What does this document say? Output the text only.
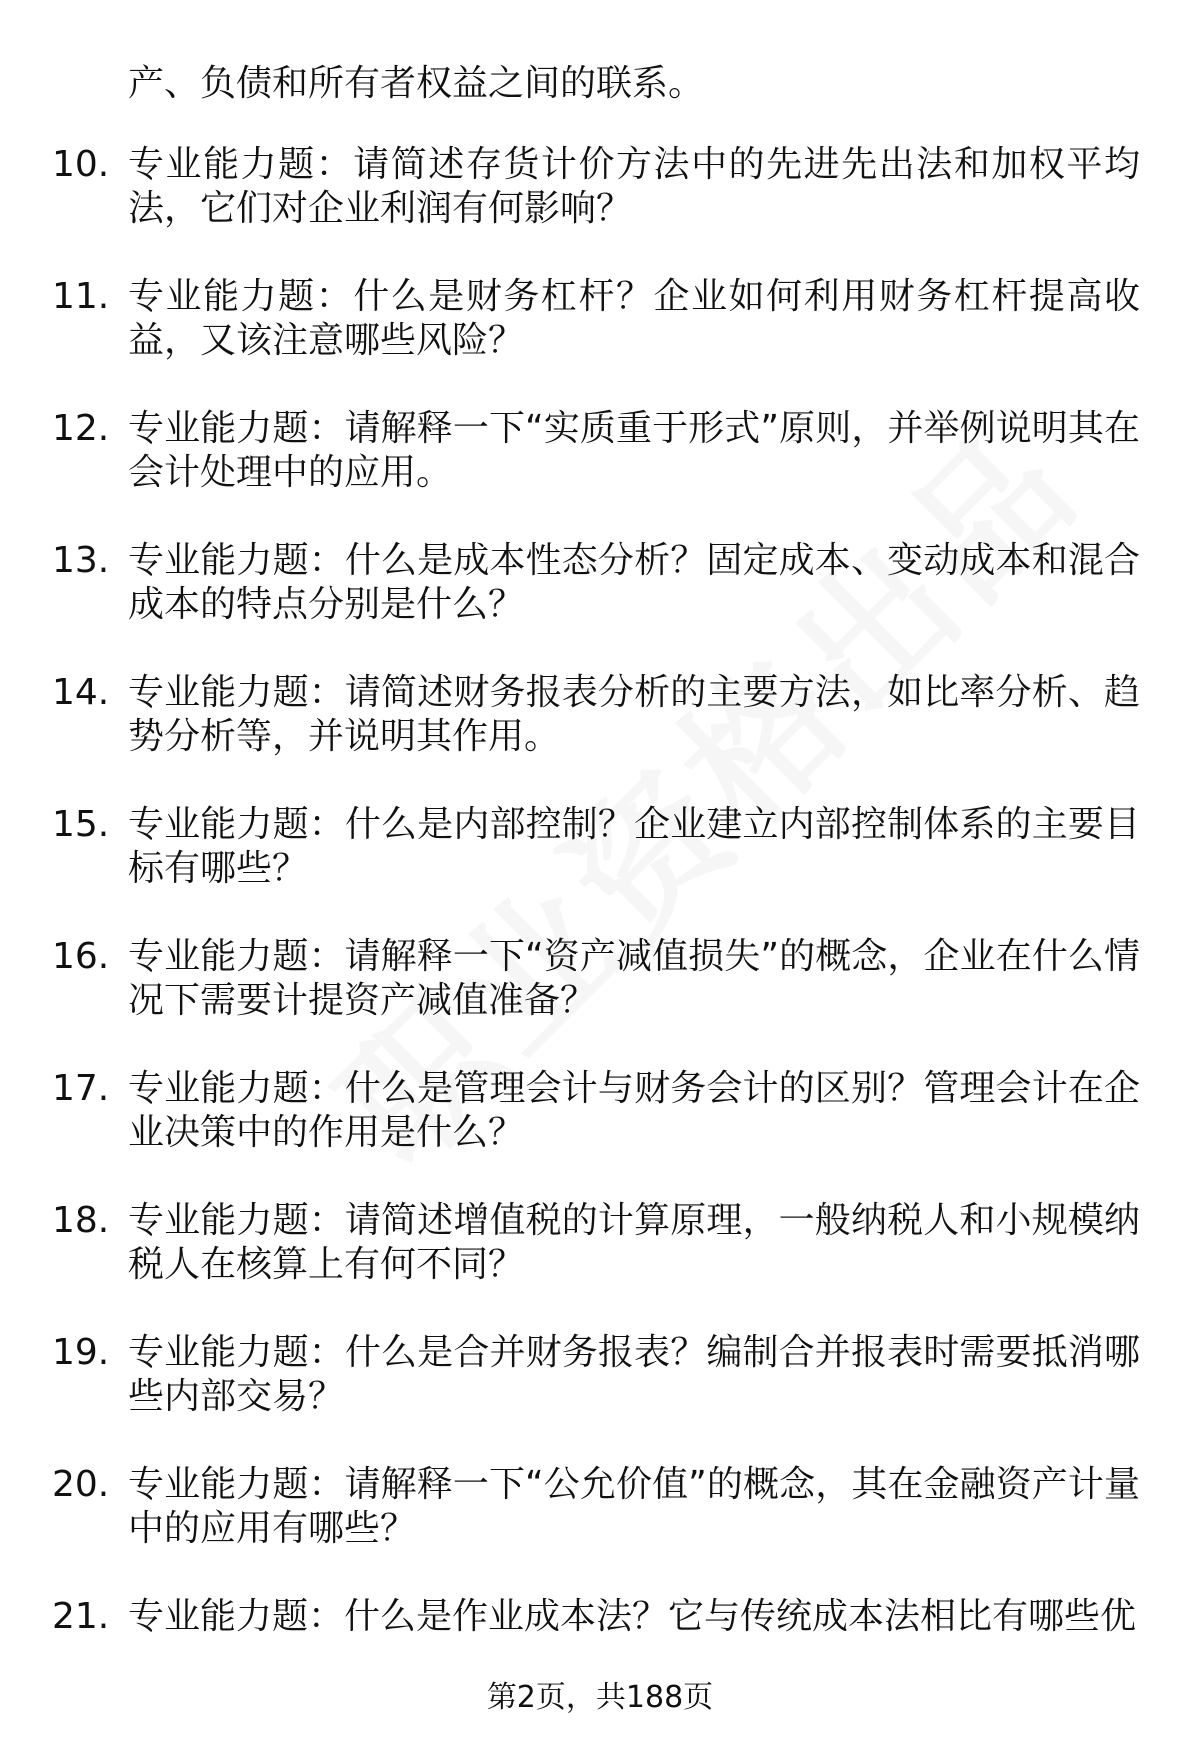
产、负债和所有者权益之间的联系。
10. 专业能力题：请简述存货计价方法中的先进先出法和加权平均法，它们对企业利润有何影响？
11. 专业能力题：什么是财务杠杆？企业如何利用财务杠杆提高收益，又该注意哪些风险？
12. 专业能力题：请解释一下“实质重于形式”原则，并举例说明其在会计处理中的应用。
13. 专业能力题：什么是成本性态分析？固定成本、变动成本和混合成本的特点分别是什么？
14. 专业能力题：请简述财务报表分析的主要方法，如比率分析、趋势分析等，并说明其作用。
15. 专业能力题：什么是内部控制？企业建立内部控制体系的主要目标有哪些？
16. 专业能力题：请解释一下“资产减值损失”的概念，企业在什么情况下需要计提资产减值准备？
17. 专业能力题：什么是管理会计与财务会计的区别？管理会计在企业决策中的作用是什么？
18. 专业能力题：请简述增值税的计算原理，一般纳税人和小规模纳税人在核算上有何不同？
19. 专业能力题：什么是合并财务报表？编制合并报表时需要抵消哪些内部交易？
20. 专业能力题：请解释一下“公允价值”的概念，其在金融资产计量中的应用有哪些？
21. 专业能力题：什么是作业成本法？它与传统成本法相比有哪些优
第2页，共188页
